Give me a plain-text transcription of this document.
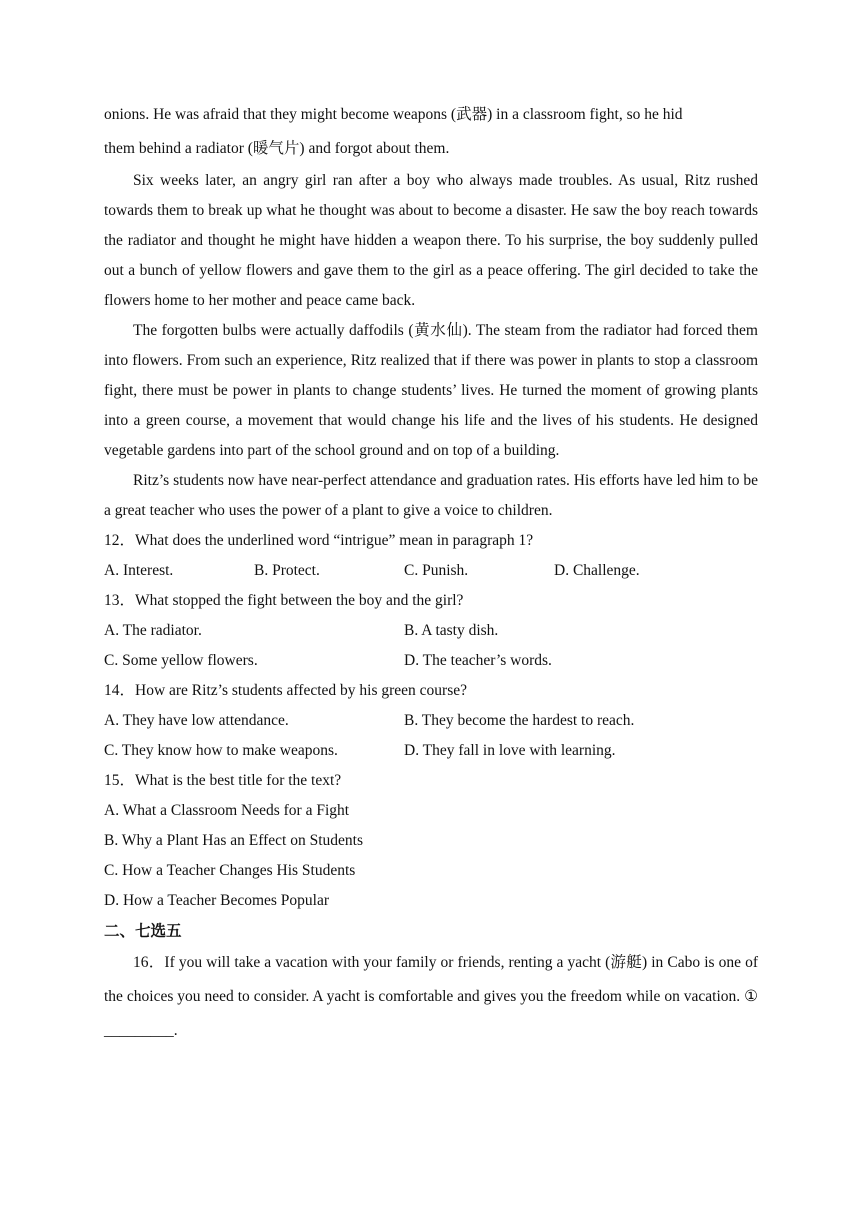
onions. He was afraid that they might become weapons (武器) in a classroom fight, so he hid
them behind a radiator (暖气片) and forgot about them.

Six weeks later, an angry girl ran after a boy who always made troubles. As usual, Ritz rushed towards them to break up what he thought was about to become a disaster. He saw the boy reach towards the radiator and thought he might have hidden a weapon there. To his surprise, the boy suddenly pulled out a bunch of yellow flowers and gave them to the girl as a peace offering. The girl decided to take the flowers home to her mother and peace came back.

The forgotten bulbs were actually daffodils (黄水仙). The steam from the radiator had forced them into flowers. From such an experience, Ritz realized that if there was power in plants to stop a classroom fight, there must be power in plants to change students’ lives. He turned the moment of growing plants into a green course, a movement that would change his life and the lives of his students. He designed vegetable gardens into part of the school ground and on top of a building.

Ritz’s students now have near-perfect attendance and graduation rates. His efforts have led him to be a great teacher who uses the power of a plant to give a voice to children.

12．What does the underlined word “intrigue” mean in paragraph 1?

A. Interest.	B. Protect.	C. Punish.	D. Challenge.

13．What stopped the fight between the boy and the girl?

A. The radiator.	B. A tasty dish.
C. Some yellow flowers.	D. The teacher’s words.

14．How are Ritz’s students affected by his green course?

A. They have low attendance.	B. They become the hardest to reach.
C. They know how to make weapons.	D. They fall in love with learning.

15．What is the best title for the text?

A. What a Classroom Needs for a Fight

B. Why a Plant Has an Effect on Students

C. How a Teacher Changes His Students

D. How a Teacher Becomes Popular

二、七选五

16．If you will take a vacation with your family or friends, renting a yacht (游艇) in Cabo is one of the choices you need to consider. A yacht is comfortable and gives you the freedom while on vacation. ① _________.
